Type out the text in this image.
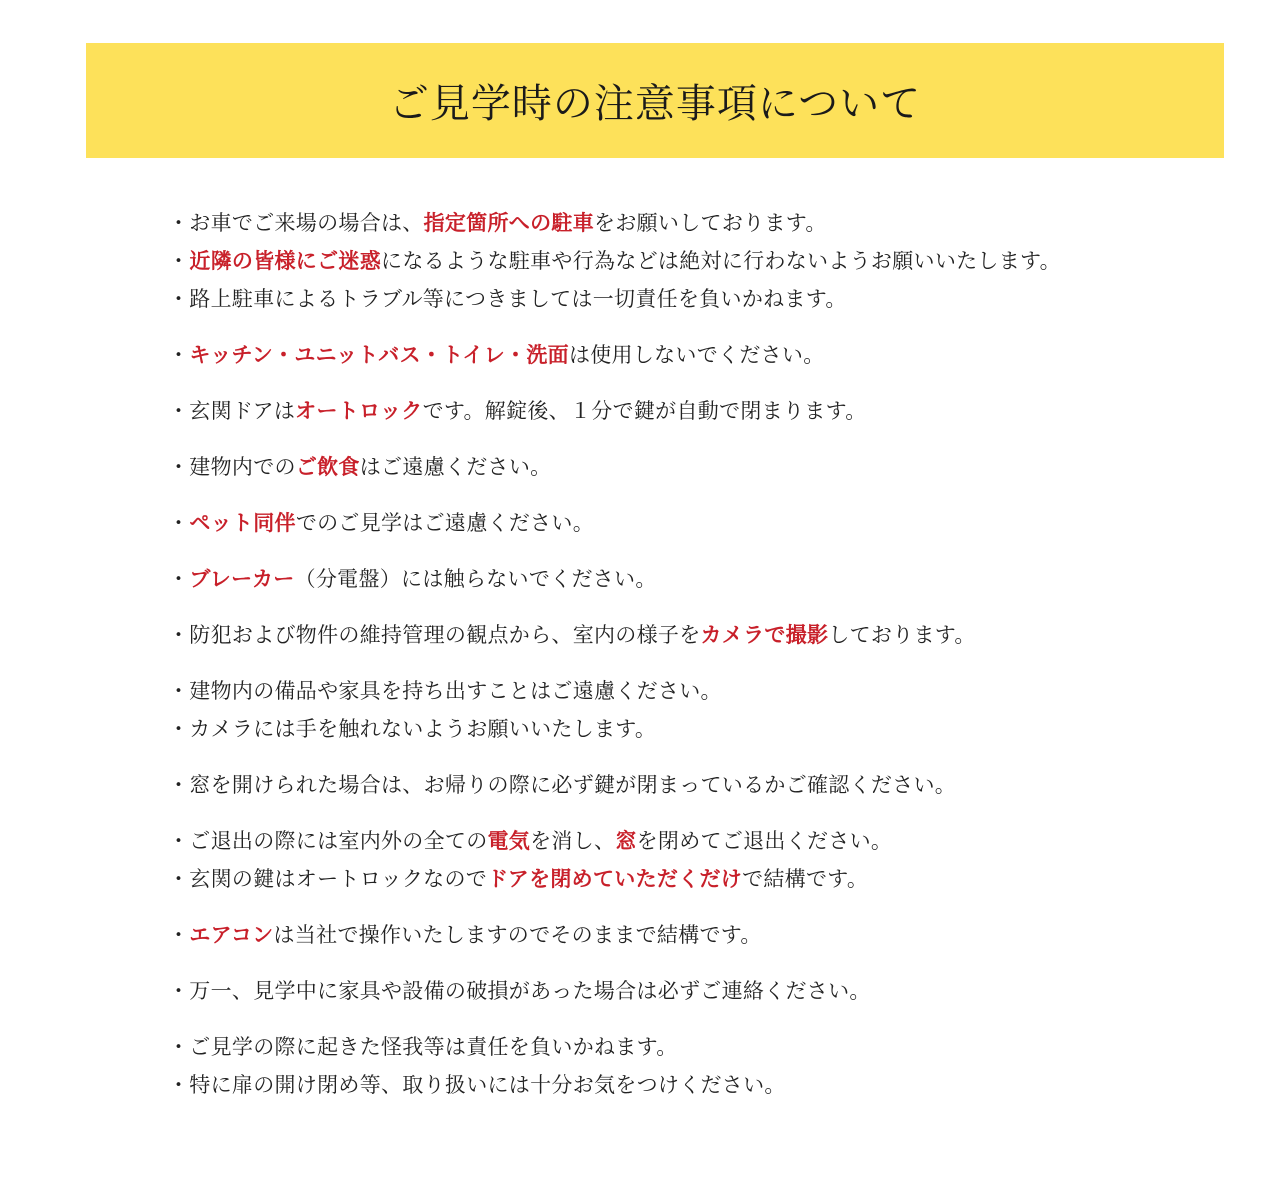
ご見学時の注意事項について
・お車でご来場の場合は、指定箇所への駐車をお願いしております。
・近隣の皆様にご迷惑になるような駐車や行為などは絶対に行わないようお願いいたします。
・路上駐車によるトラブル等につきましては一切責任を負いかねます。
・キッチン・ユニットバス・トイレ・洗面は使用しないでください。
・玄関ドアはオートロックです。解錠後、１分で鍵が自動で閉まります。
・建物内でのご飲食はご遠慮ください。
・ペット同伴でのご見学はご遠慮ください。
・ブレーカー（分電盤）には触らないでください。
・防犯および物件の維持管理の観点から、室内の様子をカメラで撮影しております。
・建物内の備品や家具を持ち出すことはご遠慮ください。
・カメラには手を触れないようお願いいたします。
・窓を開けられた場合は、お帰りの際に必ず鍵が閉まっているかご確認ください。
・ご退出の際には室内外の全ての電気を消し、窓を閉めてご退出ください。
・玄関の鍵はオートロックなのでドアを閉めていただくだけで結構です。
・エアコンは当社で操作いたしますのでそのままで結構です。
・万一、見学中に家具や設備の破損があった場合は必ずご連絡ください。
・ご見学の際に起きた怪我等は責任を負いかねます。
・特に扉の開け閉め等、取り扱いには十分お気をつけください。
